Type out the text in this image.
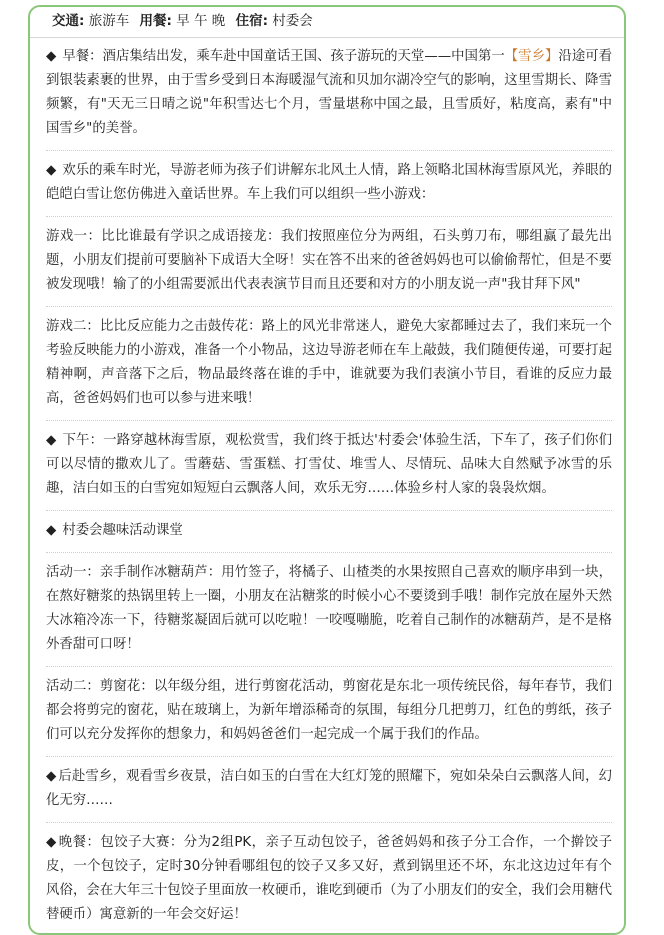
交通: 旅游车 用餐: 早 午 晚 住宿: 村委会

◆ 早餐：酒店集结出发，乘车赴中国童话王国、孩子游玩的天堂——中国第一【雪乡】沿途可看到银装素裹的世界，由于雪乡受到日本海暖湿气流和贝加尔湖冷空气的影响，这里雪期长、降雪频繁，有"天无三日晴之说"年积雪达七个月，雪量堪称中国之最，且雪质好，粘度高，素有"中国雪乡"的美誉。

◆ 欢乐的乘车时光，导游老师为孩子们讲解东北风土人情，路上领略北国林海雪原风光，养眼的皑皑白雪让您仿佛进入童话世界。车上我们可以组织一些小游戏：

游戏一：比比谁最有学识之成语接龙：我们按照座位分为两组，石头剪刀布，哪组赢了最先出题，小朋友们提前可要脑补下成语大全呀！实在答不出来的爸爸妈妈也可以偷偷帮忙，但是不要被发现哦！输了的小组需要派出代表表演节目而且还要和对方的小朋友说一声"我甘拜下风"

游戏二：比比反应能力之击鼓传花：路上的风光非常迷人，避免大家都睡过去了，我们来玩一个考验反映能力的小游戏，准备一个小物品，这边导游老师在车上敲鼓，我们随便传递，可要打起精神啊，声音落下之后，物品最终落在谁的手中，谁就要为我们表演小节目，看谁的反应力最高，爸爸妈妈们也可以参与进来哦！

◆ 下午：一路穿越林海雪原，观松赏雪，我们终于抵达'村委会'体验生活，下车了，孩子们你们可以尽情的撒欢儿了。雪蘑菇、雪蛋糕、打雪仗、堆雪人、尽情玩、品味大自然赋予冰雪的乐趣，洁白如玉的白雪宛如短短白云飘落人间，欢乐无穷……体验乡村人家的袅袅炊烟。

◆ 村委会趣味活动课堂

活动一：亲手制作冰糖葫芦：用竹签子，将橘子、山楂类的水果按照自己喜欢的顺序串到一块，在熬好糖浆的热锅里转上一圈，小朋友在沾糖浆的时候小心不要烫到手哦！制作完放在屋外天然大冰箱冷冻一下，待糖浆凝固后就可以吃啦！一咬嘎嘣脆，吃着自己制作的冰糖葫芦，是不是格外香甜可口呀！

活动二：剪窗花：以年级分组，进行剪窗花活动，剪窗花是东北一项传统民俗，每年春节，我们都会将剪完的窗花，贴在玻璃上，为新年增添稀奇的氛围，每组分几把剪刀，红色的剪纸，孩子们可以充分发挥你的想象力，和妈妈爸爸们一起完成一个属于我们的作品。

◆ 后赴雪乡，观看雪乡夜景，洁白如玉的白雪在大红灯笼的照耀下，宛如朵朵白云飘落人间，幻化无穷……

◆ 晚餐：包饺子大赛：分为2组PK，亲子互动包饺子，爸爸妈妈和孩子分工合作，一个擀饺子皮，一个包饺子，定时30分钟看哪组包的饺子又多又好，煮到锅里还不坏，东北这边过年有个风俗，会在大年三十包饺子里面放一枚硬币，谁吃到硬币（为了小朋友们的安全，我们会用糖代替硬币）寓意新的一年会交好运！
